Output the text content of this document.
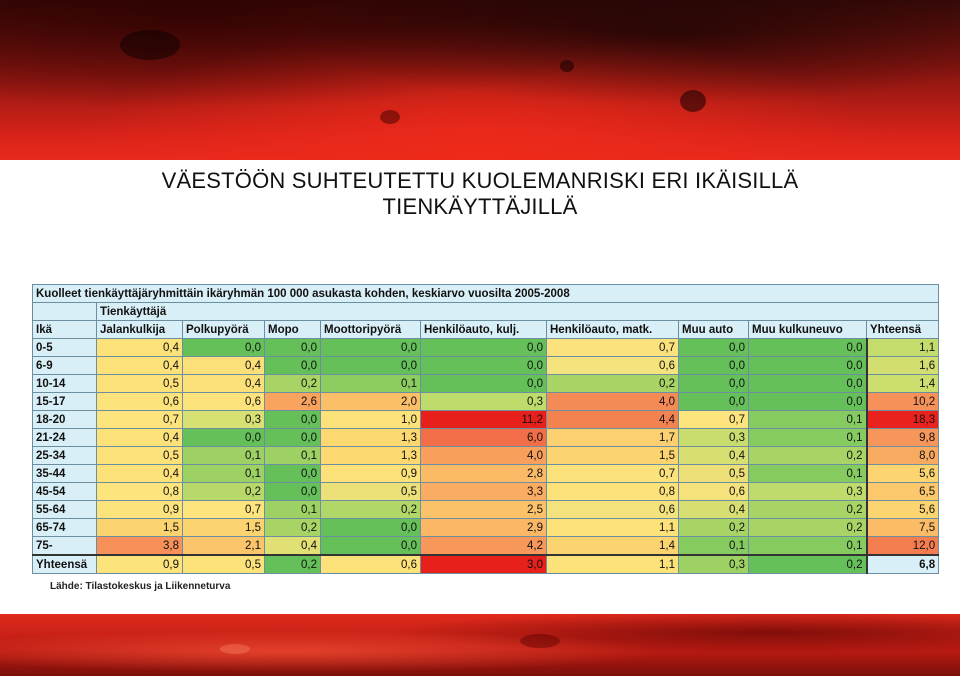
VÄESTÖÖN SUHTEUTETTU KUOLEMANRISKI ERI IKÄISILLÄ
TIENKÄYTTÄJILLÄ
Kuolleet tienkäyttäjäryhmittäin ikäryhmän 100 000 asukasta kohden, keskiarvo vuosilta 2005-2008									
	Tienkäyttäjä								
Ikä	Jalankulkija	Polkupyörä	Mopo	Moottoripyörä	Henkilöauto, kulj.	Henkilöauto, matk.	Muu auto	Muu kulkuneuvo	Yhteensä
0-5	0,4	0,0	0,0	0,0	0,0	0,7	0,0	0,0	1,1
6-9	0,4	0,4	0,0	0,0	0,0	0,6	0,0	0,0	1,6
10-14	0,5	0,4	0,2	0,1	0,0	0,2	0,0	0,0	1,4
15-17	0,6	0,6	2,6	2,0	0,3	4,0	0,0	0,0	10,2
18-20	0,7	0,3	0,0	1,0	11,2	4,4	0,7	0,1	18,3
21-24	0,4	0,0	0,0	1,3	6,0	1,7	0,3	0,1	9,8
25-34	0,5	0,1	0,1	1,3	4,0	1,5	0,4	0,2	8,0
35-44	0,4	0,1	0,0	0,9	2,8	0,7	0,5	0,1	5,6
45-54	0,8	0,2	0,0	0,5	3,3	0,8	0,6	0,3	6,5
55-64	0,9	0,7	0,1	0,2	2,5	0,6	0,4	0,2	5,6
65-74	1,5	1,5	0,2	0,0	2,9	1,1	0,2	0,2	7,5
75-	3,8	2,1	0,4	0,0	4,2	1,4	0,1	0,1	12,0
Yhteensä	0,9	0,5	0,2	0,6	3,0	1,1	0,3	0,2	6,8
Lähde: Tilastokeskus ja Liikenneturva
